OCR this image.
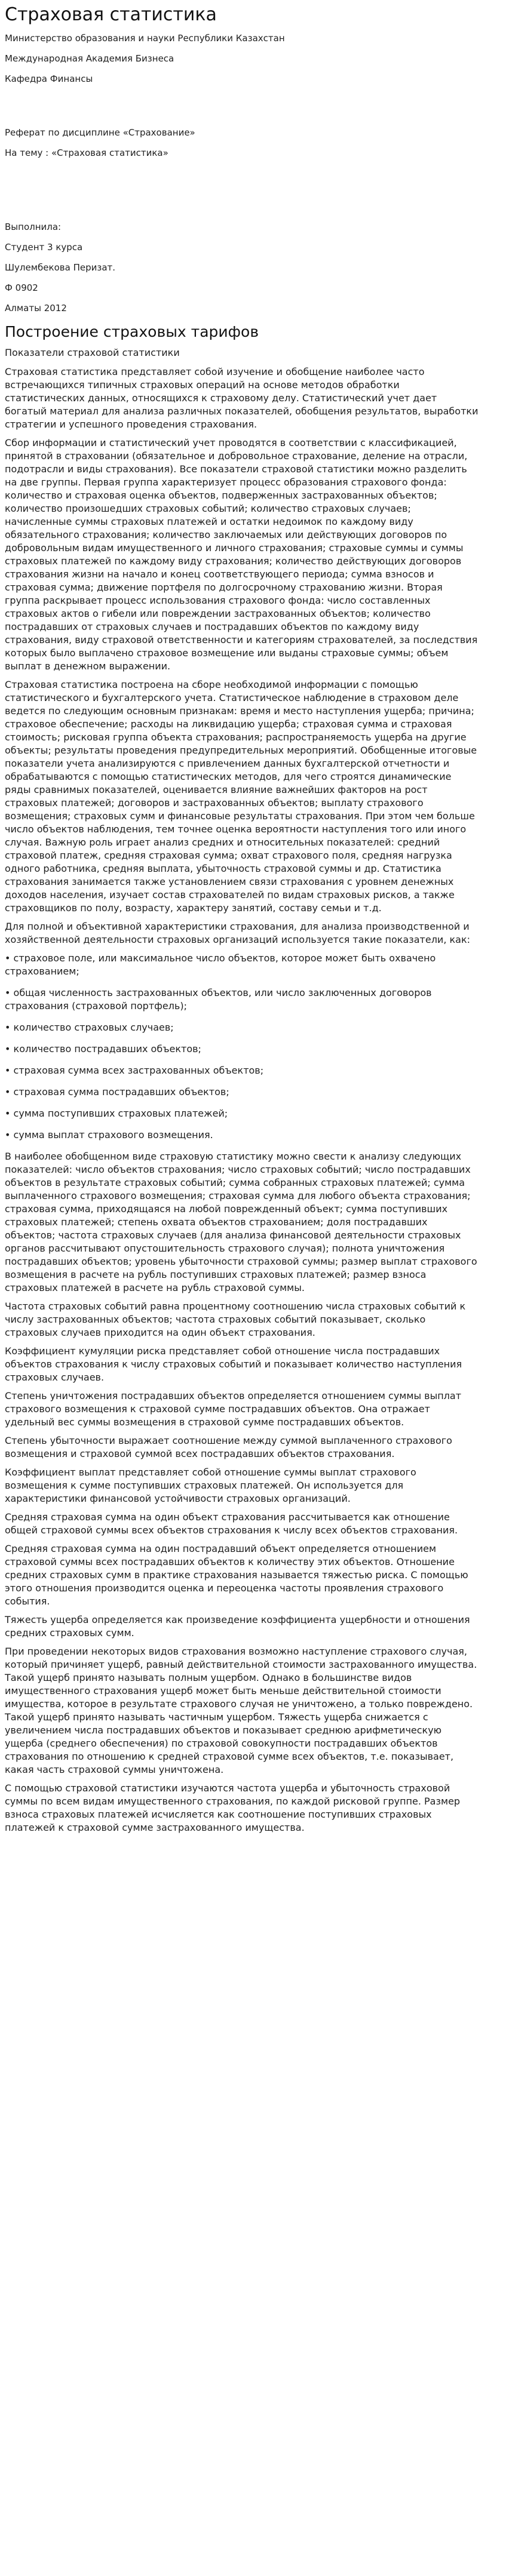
Страховая статистика

Министерство образования и науки Республики Казахстан

Международная Академия Бизнеса

Кафедра Финансы

Реферат по дисциплине «Страхование»

На тему : «Страховая статистика»

Выполнила:

Студент 3 курса

Шулембекова Перизат.

Ф 0902

Алматы 2012

Построение страховых тарифов

Показатели страховой статистики

Страховая статистика представляет собой изучение и обобщение наиболее часто встречающихся типичных страховых операций на основе методов обработки статистических данных, относящихся к страховому делу. Статистический учет дает богатый материал для анализа различных показателей, обобщения результатов, выработки стратегии и успешного проведения страхования.

Сбор информации и статистический учет проводятся в соответствии с классификацией, принятой в страховании (обязательное и добровольное страхование, деление на отрасли, подотрасли и виды страхования). Все показатели страховой статистики можно разделить на две группы. Первая группа характеризует процесс образования страхового фонда: количество и страховая оценка объектов, подверженных застрахованных объектов; количество произошедших страховых событий; количество страховых случаев; начисленные суммы страховых платежей и остатки недоимок по каждому виду обязательного страхования; количество заключаемых или действующих договоров по добровольным видам имущественного и личного страхования; страховые суммы и суммы страховых платежей по каждому виду страхования; количество действующих договоров страхования жизни на начало и конец соответствующего периода; сумма взносов и страховая сумма; движение портфеля по долгосрочному страхованию жизни. Вторая группа раскрывает процесс использования страхового фонда: число составленных страховых актов о гибели или повреждении застрахованных объектов; количество пострадавших от страховых случаев и пострадавших объектов по каждому виду страхования, виду страховой ответственности и категориям страхователей, за последствия которых было выплачено страховое возмещение или выданы страховые суммы; объем выплат в денежном выражении.

Страховая статистика построена на сборе необходимой информации с помощью статистического и бухгалтерского учета. Статистическое наблюдение в страховом деле ведется по следующим основным признакам: время и место наступления ущерба; причина; страховое обеспечение; расходы на ликвидацию ущерба; страховая сумма и страховая стоимость; рисковая группа объекта страхования; распространяемость ущерба на другие объекты; результаты проведения предупредительных мероприятий. Обобщенные итоговые показатели учета анализируются с привлечением данных бухгалтерской отчетности и обрабатываются с помощью статистических методов, для чего строятся динамические ряды сравнимых показателей, оценивается влияние важнейших факторов на рост страховых платежей; договоров и застрахованных объектов; выплату страхового возмещения; страховых сумм и финансовые результаты страхования. При этом чем больше число объектов наблюдения, тем точнее оценка вероятности наступления того или иного случая. Важную роль играет анализ средних и относительных показателей: средний страховой платеж, средняя страховая сумма; охват страхового поля, средняя нагрузка одного работника, средняя выплата, убыточность страховой суммы и др. Статистика страхования занимается также установлением связи страхования с уровнем денежных доходов населения, изучает состав страхователей по видам страховых рисков, а также страховщиков по полу, возрасту, характеру занятий, составу семьи и т.д.

Для полной и объективной характеристики страхования, для анализа производственной и хозяйственной деятельности страховых организаций используется такие показатели, как:

• страховое поле, или максимальное число объектов, которое может быть охвачено страхованием;

• общая численность застрахованных объектов, или число заключенных договоров страхования (страховой портфель);

• количество страховых случаев;

• количество пострадавших объектов;

• страховая сумма всех застрахованных объектов;

• страховая сумма пострадавших объектов;

• сумма поступивших страховых платежей;

• сумма выплат страхового возмещения.

В наиболее обобщенном виде страховую статистику можно свести к анализу следующих показателей: число объектов страхования; число страховых событий; число пострадавших объектов в результате страховых событий; сумма собранных страховых платежей; сумма выплаченного страхового возмещения; страховая сумма для любого объекта страхования; страховая сумма, приходящаяся на любой поврежденный объект; сумма поступивших страховых платежей; степень охвата объектов страхованием; доля пострадавших объектов; частота страховых случаев (для анализа финансовой деятельности страховых органов рассчитывают опустошительность страхового случая); полнота уничтожения пострадавших объектов; уровень убыточности страховой суммы; размер выплат страхового возмещения в расчете на рубль поступивших страховых платежей; размер взноса страховых платежей в расчете на рубль страховой суммы.

Частота страховых событий равна процентному соотношению числа страховых событий к числу застрахованных объектов; частота страховых событий показывает, сколько страховых случаев приходится на один объект страхования.

Коэффициент кумуляции риска представляет собой отношение числа пострадавших объектов страхования к числу страховых событий и показывает количество наступления страховых случаев.

Степень уничтожения пострадавших объектов определяется отношением суммы выплат страхового возмещения к страховой сумме пострадавших объектов. Она отражает удельный вес суммы возмещения в страховой сумме пострадавших объектов.

Степень убыточности выражает соотношение между суммой выплаченного страхового возмещения и страховой суммой всех пострадавших объектов страхования.

Коэффициент выплат представляет собой отношение суммы выплат страхового возмещения к сумме поступивших страховых платежей. Он используется для характеристики финансовой устойчивости страховых организаций.

Средняя страховая сумма на один объект страхования рассчитывается как отношение общей страховой суммы всех объектов страхования к числу всех объектов страхования.

Средняя страховая сумма на один пострадавший объект определяется отношением страховой суммы всех пострадавших объектов к количеству этих объектов. Отношение средних страховых сумм в практике страхования называется тяжестью риска. С помощью этого отношения производится оценка и переоценка частоты проявления страхового события.

Тяжесть ущерба определяется как произведение коэффициента ущербности и отношения средних страховых сумм.

При проведении некоторых видов страхования возможно наступление страхового случая, который причиняет ущерб, равный действительной стоимости застрахованного имущества. Такой ущерб принято называть полным ущербом. Однако в большинстве видов имущественного страхования ущерб может быть меньше действительной стоимости имущества, которое в результате страхового случая не уничтожено, а только повреждено. Такой ущерб принято называть частичным ущербом. Тяжесть ущерба снижается с увеличением числа пострадавших объектов и показывает среднюю арифметическую ущерба (среднего обеспечения) по страховой совокупности пострадавших объектов страхования по отношению к средней страховой сумме всех объектов, т.е. показывает, какая часть страховой суммы уничтожена.

С помощью страховой статистики изучаются частота ущерба и убыточность страховой суммы по всем видам имущественного страхования, по каждой рисковой группе. Размер взноса страховых платежей исчисляется как соотношение поступивших страховых платежей к страховой сумме застрахованного имущества.
